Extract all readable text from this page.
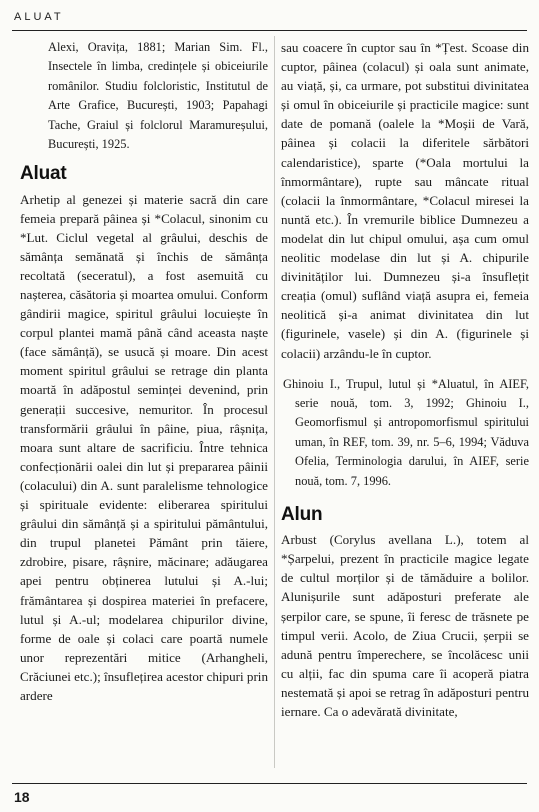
ALUAT

Alexi, Oravița, 1881; Marian Sim. Fl., Insectele în limba, credințele și obiceiurile românilor. Studiu folcloristic, Institutul de Arte Grafice, București, 1903; Papahagi Tache, Graiul și folclorul Maramureșului, București, 1925.

Aluat

Arhetip al genezei și materie sacră din care femeia prepară pâinea și *Colacul, sinonim cu *Lut. Ciclul vegetal al grâului, deschis de sămânța semănată și închis de sămânța recoltată (seceratul), a fost asemuită cu nașterea, căsătoria și moartea omului. Conform gândirii magice, spiritul grâului locuiește în corpul plantei mamă până când aceasta naște (face sămânță), se usucă și moare. Din acest moment spiritul grâului se retrage din planta moartă în adăpostul seminței devenind, prin generații succesive, nemuritor. În procesul transformării grâului în pâine, piua, râșnița, moara sunt altare de sacrificiu. Între tehnica confecționării oalei din lut și prepararea pâinii (colacului) din A. sunt paralelisme tehnologice și spirituale evidente: eliberarea spiritului grâului din sămânță și a spiritului pământului, din trupul planetei Pământ prin tăiere, zdrobire, pisare, râșnire, măcinare; adăugarea apei pentru obținerea lutului și A.-lui; frământarea și dospirea materiei în prefacere, lutul și A.-ul; modelarea chipurilor divine, forme de oale și colaci care poartă numele unor reprezentări mitice (Arhangheli, Crăciunei etc.); însuflețirea acestor chipuri prin ardere

sau coacere în cuptor sau în *Țest. Scoase din cuptor, pâinea (colacul) și oala sunt animate, au viață, și, ca urmare, pot substitui divinitatea și omul în obiceiurile și practicile magice: sunt date de pomană (oalele la *Moșii de Vară, pâinea și colacii la diferitele sărbători calendaristice), sparte (*Oala mortului la înmormântare), rupte sau mâncate ritual (colacii la înmormântare, *Colacul miresei la nuntă etc.). În vremurile biblice Dumnezeu a modelat din lut chipul omului, așa cum omul neolitic modelase din lut și A. chipurile divinităților lui. Dumnezeu și-a însuflețit creația (omul) suflând viață asupra ei, femeia neolitică și-a animat divinitatea din lut (figurinele, vasele) și din A. (figurinele și colacii) arzându-le în cuptor.

Ghinoiu I., Trupul, lutul și *Aluatul, în AIEF, serie nouă, tom. 3, 1992; Ghinoiu I., Geomorfismul și antropomorfismul spiritului uman, în REF, tom. 39, nr. 5–6, 1994; Văduva Ofelia, Terminologia darului, în AIEF, serie nouă, tom. 7, 1996.

Alun

Arbust (Corylus avellana L.), totem al *Șarpelui, prezent în practicile magice legate de cultul morților și de tămăduire a bolilor. Alunișurile sunt adăposturi preferate ale șerpilor care, se spune, îi feresc de trăsnete pe timpul verii. Acolo, de Ziua Crucii, șerpii se adună pentru împerechere, se încolăcesc unii cu alții, fac din spuma care îi acoperă piatra nestemată și apoi se retrag în adăposturi pentru iernare. Ca o adevărată divinitate,

18
